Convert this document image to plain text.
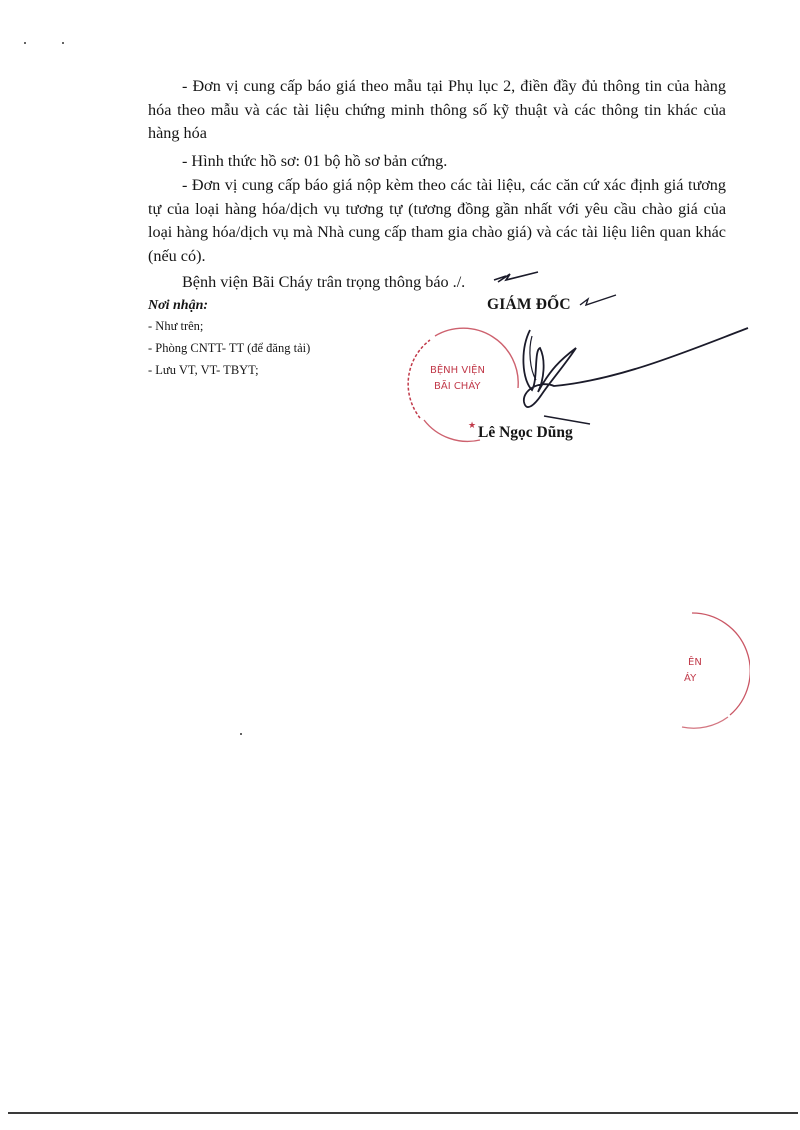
- Đơn vị cung cấp báo giá theo mẫu tại Phụ lục 2, điền đầy đủ thông tin của hàng hóa theo mẫu và các tài liệu chứng minh thông số kỹ thuật và các thông tin khác của hàng hóa

- Hình thức hồ sơ: 01 bộ hồ sơ bản cứng.

- Đơn vị cung cấp báo giá nộp kèm theo các tài liệu, các căn cứ xác định giá tương tự của loại hàng hóa/dịch vụ tương tự (tương đồng gần nhất với yêu cầu chào giá của loại hàng hóa/dịch vụ mà Nhà cung cấp tham gia chào giá) và các tài liệu liên quan khác (nếu có).

Bệnh viện Bãi Cháy trân trọng thông báo ./.

Nơi nhận:
- Như trên;
- Phòng CNTT- TT (để đăng tải)
- Lưu VT, VT- TBYT;
GIÁM ĐỐC
BỆNH VIỆN
BÃI CHÁY
★ Lê Ngọc Dũng
ÊN
ÁY
